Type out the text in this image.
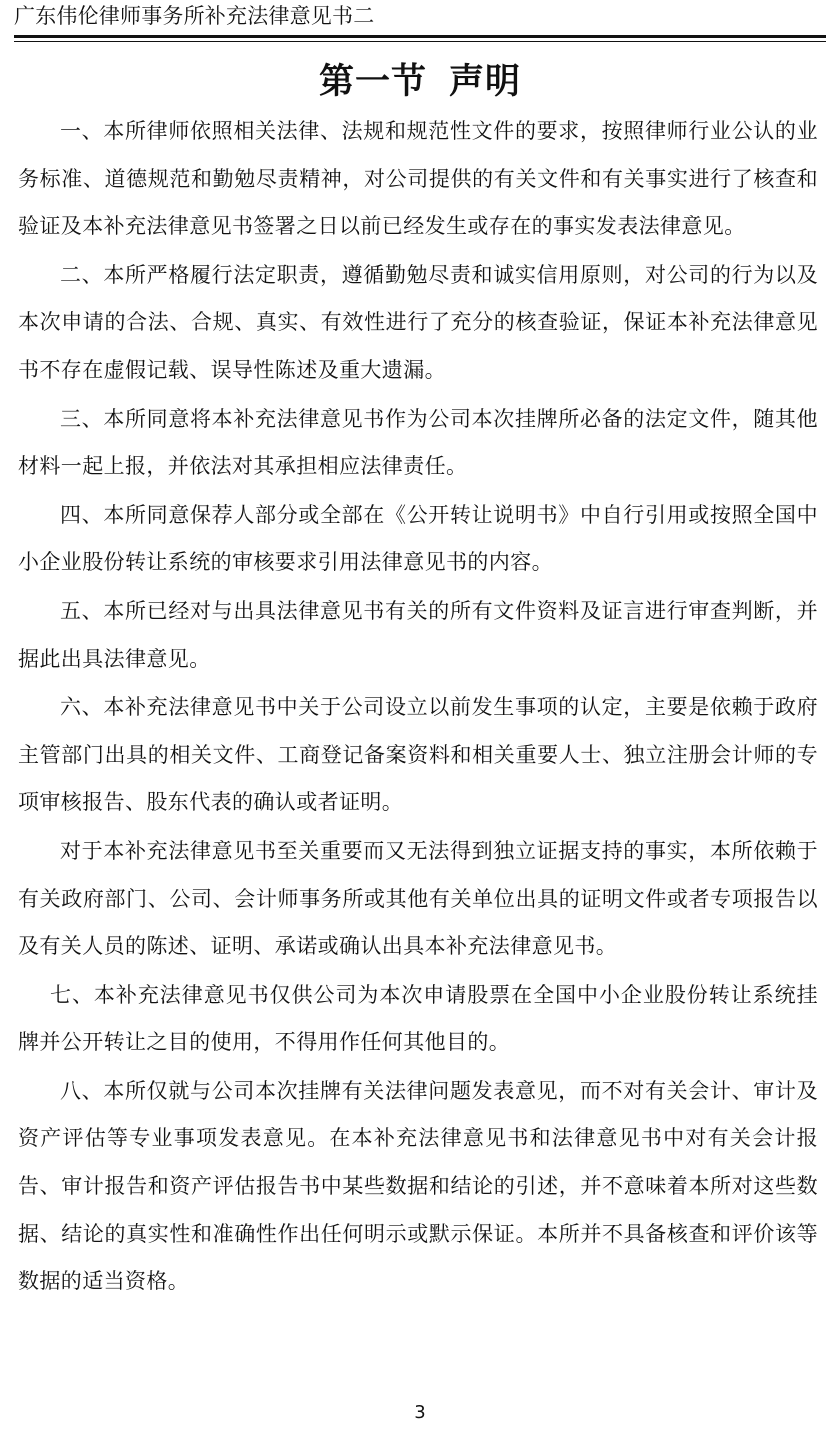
广东伟伦律师事务所补充法律意见书二
第一节 声明

一、本所律师依照相关法律、法规和规范性文件的要求，按照律师行业公认的业务标准、道德规范和勤勉尽责精神，对公司提供的有关文件和有关事实进行了核查和验证及本补充法律意见书签署之日以前已经发生或存在的事实发表法律意见。

二、本所严格履行法定职责，遵循勤勉尽责和诚实信用原则，对公司的行为以及本次申请的合法、合规、真实、有效性进行了充分的核查验证，保证本补充法律意见书不存在虚假记载、误导性陈述及重大遗漏。

三、本所同意将本补充法律意见书作为公司本次挂牌所必备的法定文件，随其他材料一起上报，并依法对其承担相应法律责任。

四、本所同意保荐人部分或全部在《公开转让说明书》中自行引用或按照全国中小企业股份转让系统的审核要求引用法律意见书的内容。

五、本所已经对与出具法律意见书有关的所有文件资料及证言进行审查判断，并据此出具法律意见。

六、本补充法律意见书中关于公司设立以前发生事项的认定，主要是依赖于政府主管部门出具的相关文件、工商登记备案资料和相关重要人士、独立注册会计师的专项审核报告、股东代表的确认或者证明。

对于本补充法律意见书至关重要而又无法得到独立证据支持的事实，本所依赖于有关政府部门、公司、会计师事务所或其他有关单位出具的证明文件或者专项报告以及有关人员的陈述、证明、承诺或确认出具本补充法律意见书。

七、本补充法律意见书仅供公司为本次申请股票在全国中小企业股份转让系统挂牌并公开转让之目的使用，不得用作任何其他目的。

八、本所仅就与公司本次挂牌有关法律问题发表意见，而不对有关会计、审计及资产评估等专业事项发表意见。在本补充法律意见书和法律意见书中对有关会计报告、审计报告和资产评估报告书中某些数据和结论的引述，并不意味着本所对这些数据、结论的真实性和准确性作出任何明示或默示保证。本所并不具备核查和评价该等数据的适当资格。

3
